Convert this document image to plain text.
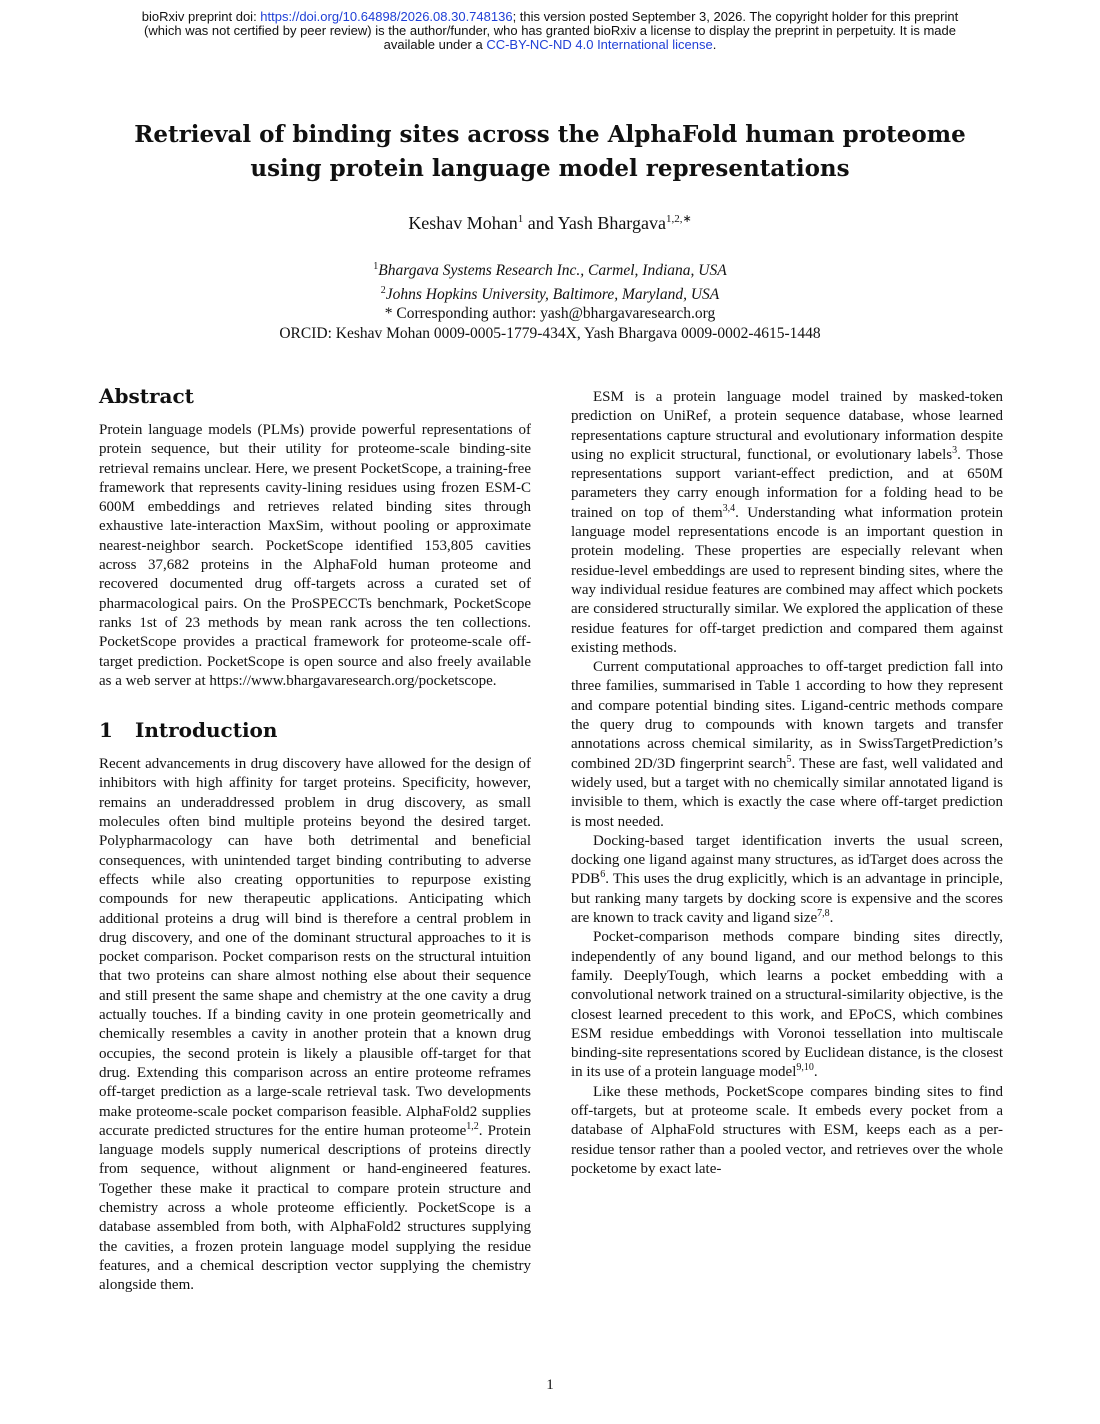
bioRxiv preprint doi: https://doi.org/10.64898/2026.08.30.748136; this version posted September 3, 2026. The copyright holder for this preprint
(which was not certified by peer review) is the author/funder, who has granted bioRxiv a license to display the preprint in perpetuity. It is made
available under a CC-BY-NC-ND 4.0 International license.
Retrieval of binding sites across the AlphaFold human proteome
using protein language model representations
Keshav Mohan$^1$ and Yash Bhargava$^{1,2,∗}$
$^1$Bhargava Systems Research Inc., Carmel, Indiana, USA
$^2$Johns Hopkins University, Baltimore, Maryland, USA
* Corresponding author: yash@bhargavaresearch.org
ORCID: Keshav Mohan 0009-0005-1779-434X, Yash Bhargava 0009-0002-4615-1448
Abstract

Protein language models (PLMs) provide powerful representations of protein sequence, but their utility for proteome-scale binding-site retrieval remains unclear. Here, we present PocketScope, a training-free framework that represents cavity-lining residues using frozen ESM-C 600M embeddings and retrieves related binding sites through exhaustive late-interaction MaxSim, without pooling or approximate nearest-neighbor search. PocketScope identified 153,805 cavities across 37,682 proteins in the AlphaFold human proteome and recovered documented drug off-targets across a curated set of pharmacological pairs. On the ProSPECCTs benchmark, PocketScope ranks 1st of 23 methods by mean rank across the ten collections. PocketScope provides a practical framework for proteome-scale off-target prediction. PocketScope is open source and also freely available as a web server at https://www.bhargavaresearch.org/pocketscope.

1 Introduction

Recent advancements in drug discovery have allowed for the design of inhibitors with high affinity for target proteins. Specificity, however, remains an underaddressed problem in drug discovery, as small molecules often bind multiple proteins beyond the desired target. Polypharmacology can have both detrimental and beneficial consequences, with unintended target binding contributing to adverse effects while also creating opportunities to repurpose existing compounds for new therapeutic applications. Anticipating which additional proteins a drug will bind is therefore a central problem in drug discovery, and one of the dominant structural approaches to it is pocket comparison. Pocket comparison rests on the structural intuition that two proteins can share almost nothing else about their sequence and still present the same shape and chemistry at the one cavity a drug actually touches. If a binding cavity in one protein geometrically and chemically resembles a cavity in another protein that a known drug occupies, the second protein is likely a plausible off-target for that drug. Extending this comparison across an entire proteome reframes off-target prediction as a large-scale retrieval task. Two developments make proteome-scale pocket comparison feasible. AlphaFold2 supplies accurate predicted structures for the entire human proteome$^{1,2}$. Protein language models supply numerical descriptions of proteins directly from sequence, without alignment or hand-engineered features. Together these make it practical to compare protein structure and chemistry across a whole proteome efficiently. PocketScope is a database assembled from both, with AlphaFold2 structures supplying the cavities, a frozen protein language model supplying the residue features, and a chemical description vector supplying the chemistry alongside them.

ESM is a protein language model trained by masked-token prediction on UniRef, a protein sequence database, whose learned representations capture structural and evolutionary information despite using no explicit structural, functional, or evolutionary labels$^3$. Those representations support variant-effect prediction, and at 650M parameters they carry enough information for a folding head to be trained on top of them$^{3,4}$. Understanding what information protein language model representations encode is an important question in protein modeling. These properties are especially relevant when residue-level embeddings are used to represent binding sites, where the way individual residue features are combined may affect which pockets are considered structurally similar. We explored the application of these residue features for off-target prediction and compared them against existing methods.

Current computational approaches to off-target prediction fall into three families, summarised in Table 1 according to how they represent and compare potential binding sites. Ligand-centric methods compare the query drug to compounds with known targets and transfer annotations across chemical similarity, as in SwissTargetPrediction’s combined 2D/3D fingerprint search$^5$. These are fast, well validated and widely used, but a target with no chemically similar annotated ligand is invisible to them, which is exactly the case where off-target prediction is most needed.

Docking-based target identification inverts the usual screen, docking one ligand against many structures, as idTarget does across the PDB$^6$. This uses the drug explicitly, which is an advantage in principle, but ranking many targets by docking score is expensive and the scores are known to track cavity and ligand size$^{7,8}$.

Pocket-comparison methods compare binding sites directly, independently of any bound ligand, and our method belongs to this family. DeeplyTough, which learns a pocket embedding with a convolutional network trained on a structural-similarity objective, is the closest learned precedent to this work, and EPoCS, which combines ESM residue embeddings with Voronoi tessellation into multiscale binding-site representations scored by Euclidean distance, is the closest in its use of a protein language model$^{9,10}$.

Like these methods, PocketScope compares binding sites to find off-targets, but at proteome scale. It embeds every pocket from a database of AlphaFold structures with ESM, keeps each as a per-residue tensor rather than a pooled vector, and retrieves over the whole pocketome by exact late-

1
